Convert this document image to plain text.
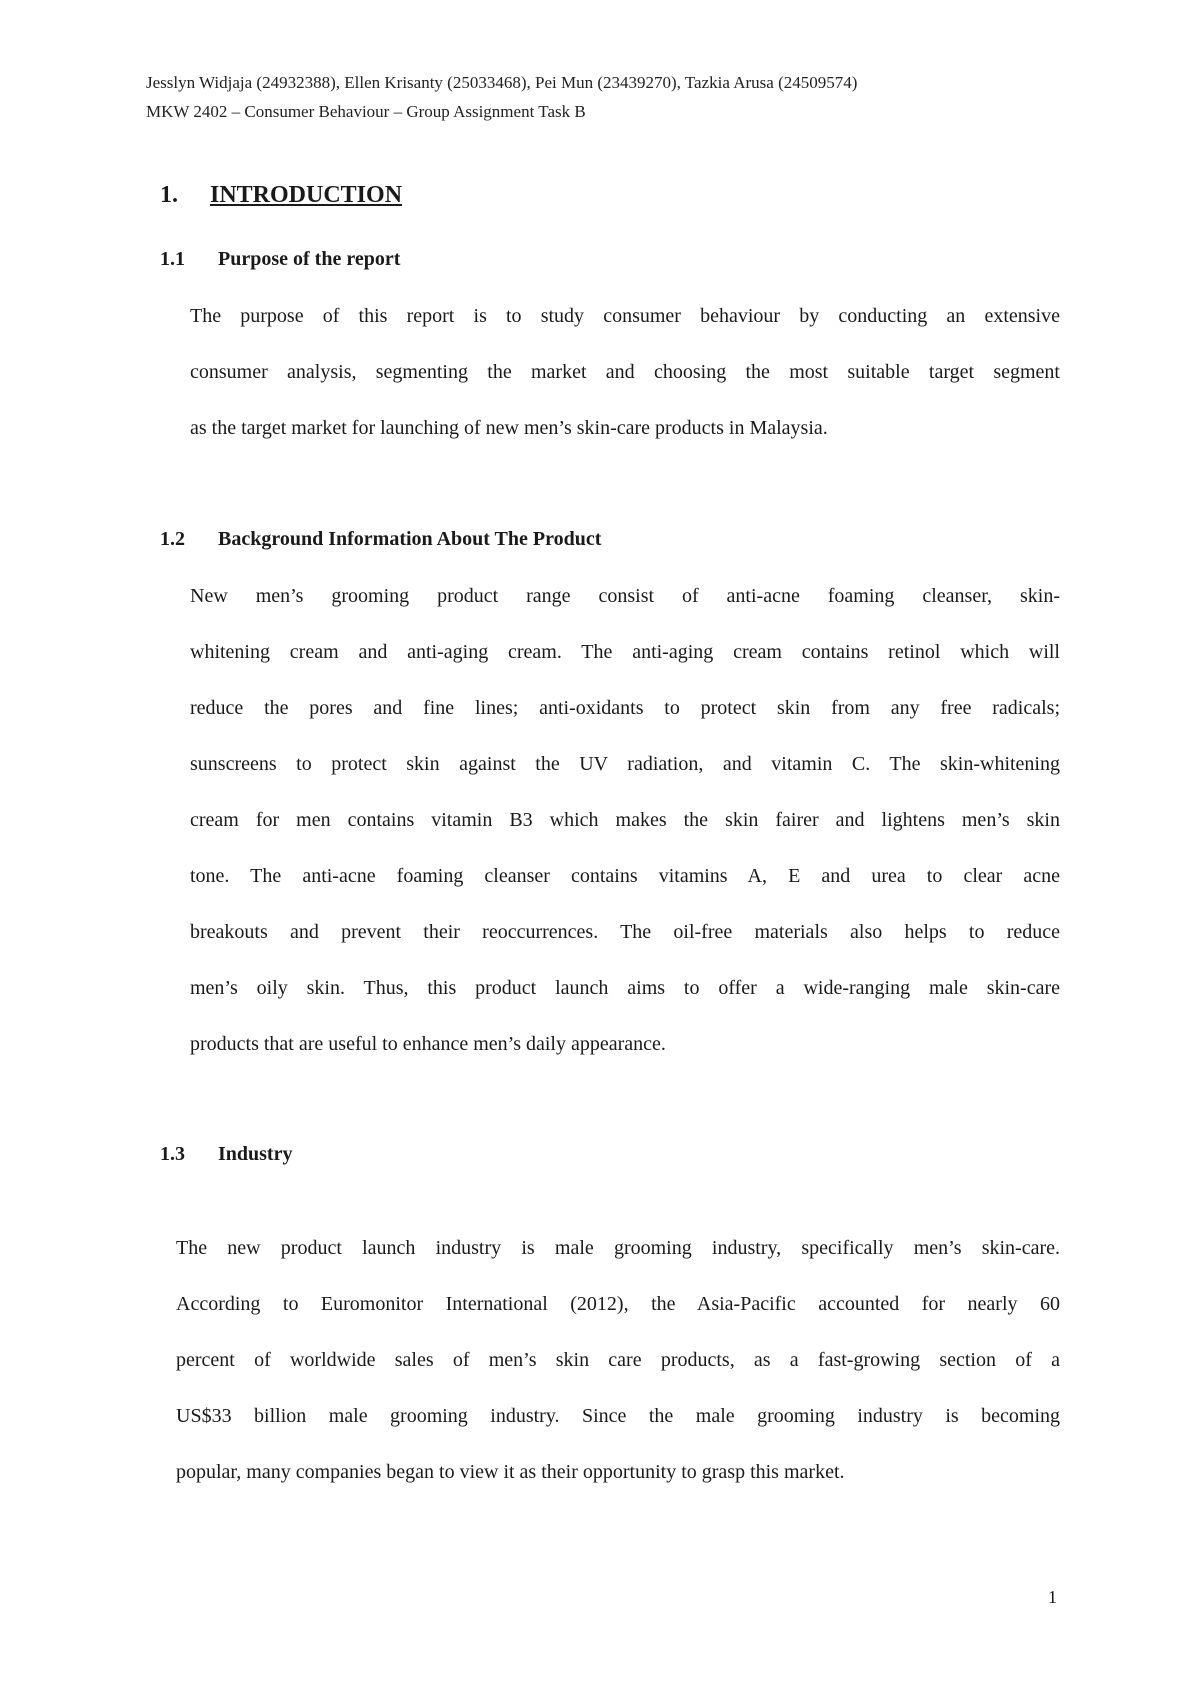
Jesslyn Widjaja (24932388), Ellen Krisanty (25033468), Pei Mun (23439270), Tazkia Arusa (24509574)
MKW 2402 – Consumer Behaviour – Group Assignment Task B
1. INTRODUCTION
1.1 Purpose of the report
The purpose of this report is to study consumer behaviour by conducting an extensive
consumer analysis, segmenting the market and choosing the most suitable target segment
as the target market for launching of new men’s skin-care products in Malaysia.
1.2 Background Information About The Product
New men’s grooming product range consist of anti-acne foaming cleanser, skin-
whitening cream and anti-aging cream. The anti-aging cream contains retinol which will
reduce the pores and fine lines; anti-oxidants to protect skin from any free radicals;
sunscreens to protect skin against the UV radiation, and vitamin C. The skin-whitening
cream for men contains vitamin B3 which makes the skin fairer and lightens men’s skin
tone. The anti-acne foaming cleanser contains vitamins A, E and urea to clear acne
breakouts and prevent their reoccurrences. The oil-free materials also helps to reduce
men’s oily skin. Thus, this product launch aims to offer a wide-ranging male skin-care
products that are useful to enhance men’s daily appearance.
1.3 Industry
The new product launch industry is male grooming industry, specifically men’s skin-care.
According to Euromonitor International (2012), the Asia-Pacific accounted for nearly 60
percent of worldwide sales of men’s skin care products, as a fast-growing section of a
US$33 billion male grooming industry. Since the male grooming industry is becoming
popular, many companies began to view it as their opportunity to grasp this market.
1
